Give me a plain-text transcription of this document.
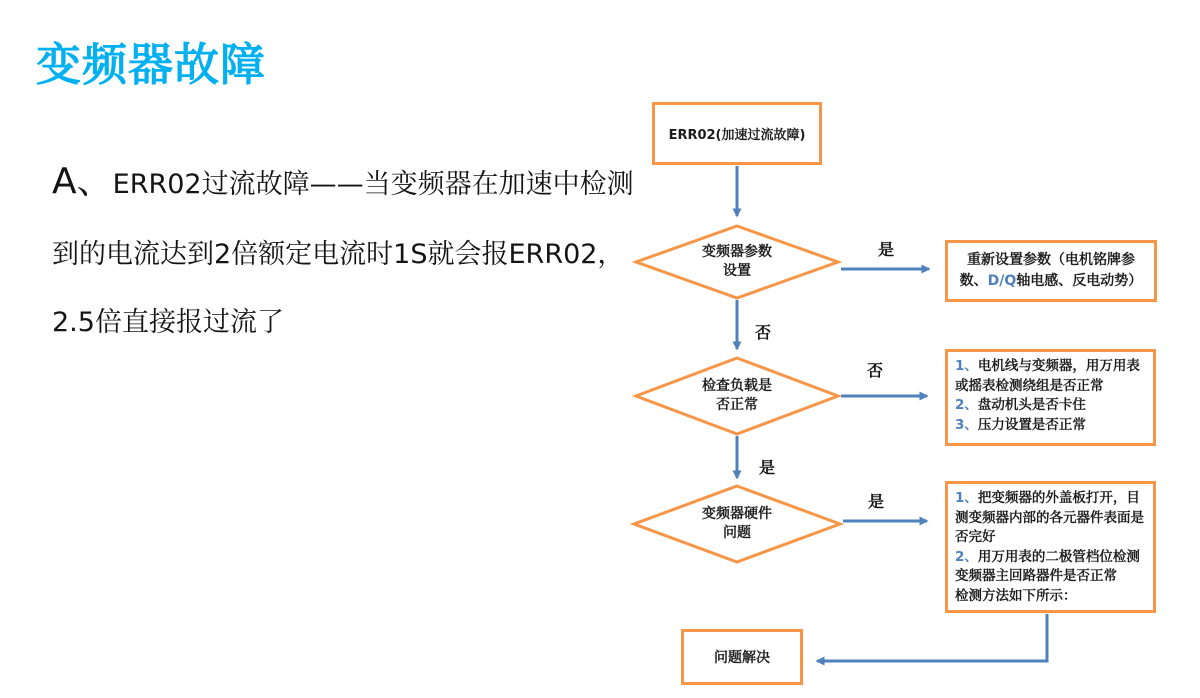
变频器故障
A、ERR02过流故障——当变频器在加速中检测
到的电流达到2倍额定电流时1S就会报ERR02，
2.5倍直接报过流了
ERR02(加速过流故障)
变频器参数
设置
检查负载是
否正常
变频器硬件
问题
是
否
否
是
是
重新设置参数（电机铭牌参数、D/Q轴电感、反电动势）
1、电机线与变频器，用万用表或摇表检测绕组是否正常
2、盘动机头是否卡住
3、压力设置是否正常
1、把变频器的外盖板打开，目测变频器内部的各元器件表面是否完好
2、用万用表的二极管档位检测变频器主回路器件是否正常
检测方法如下所示：
问题解决
